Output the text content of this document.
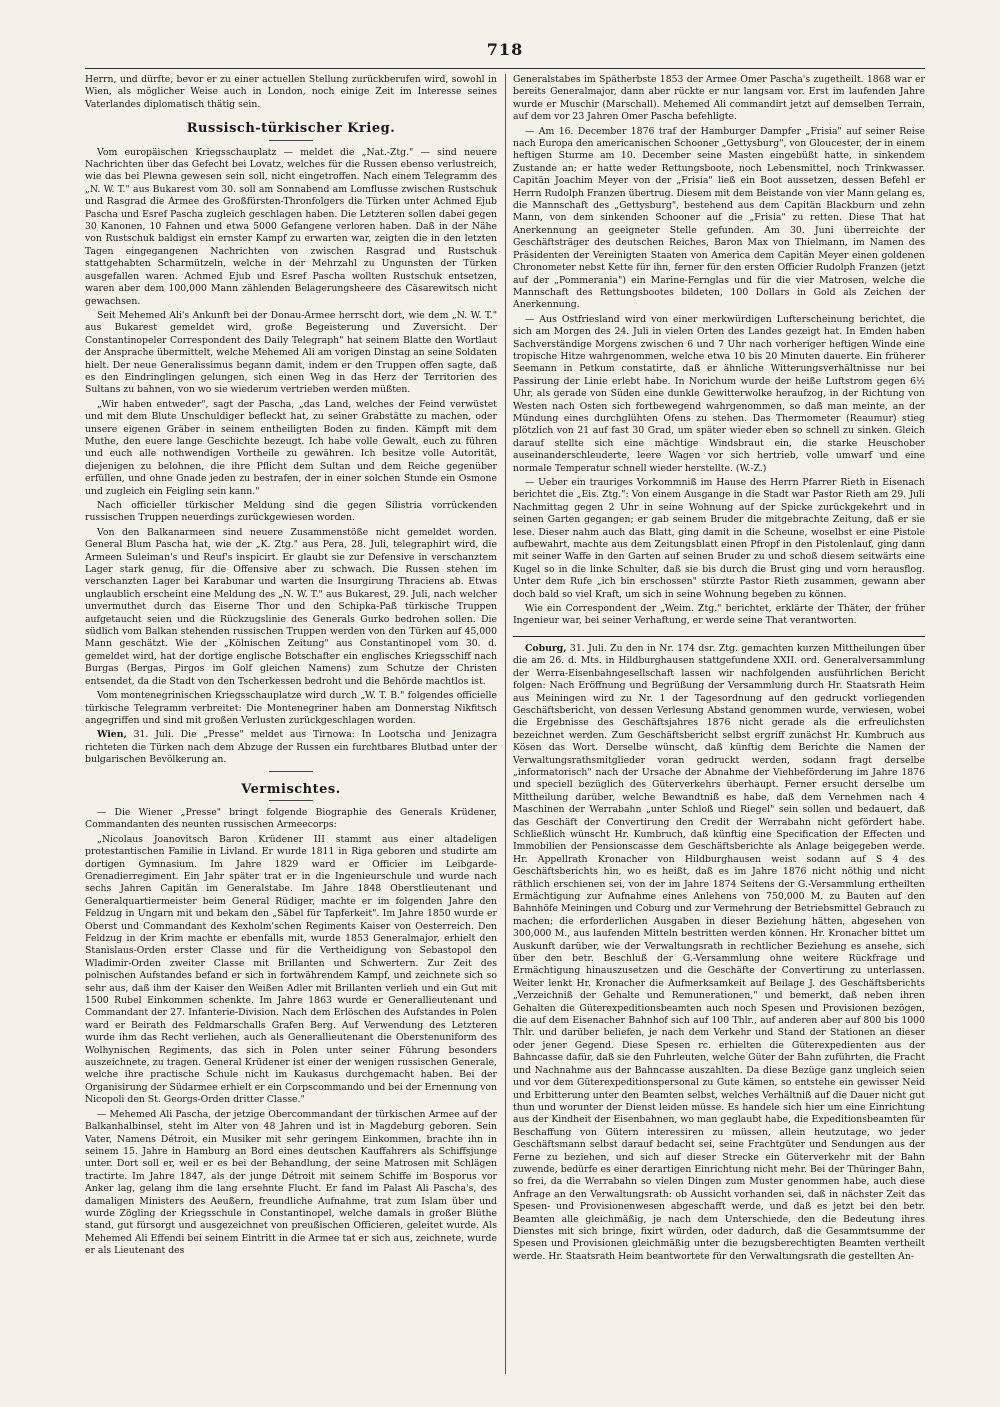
718

Herrn, und dürfte, bevor er zu einer actuellen Stellung zurückberufen wird, sowohl in Wien, als möglicher Weise auch in London, noch einige Zeit im Interesse seines Vaterlandes diplomatisch thätig sein.

Russisch-türkischer Krieg.

Vom europäischen Kriegsschauplatz — meldet die „Nat.-Ztg." — sind neuere Nachrichten über das Gefecht bei Lovatz, welches für die Russen ebenso verlustreich, wie das bei Plewna gewesen sein soll, nicht eingetroffen. Nach einem Telegramm des „N. W. T." aus Bukarest vom 30. soll am Sonnabend am Lomflusse zwischen Rustschuk und Rasgrad die Armee des Großfürsten-Thronfolgers die Türken unter Achmed Ejub Pascha und Esref Pascha zugleich geschlagen haben. Die Letzteren sollen dabei gegen 30 Kanonen, 10 Fahnen und etwa 5000 Gefangene verloren haben. Daß in der Nähe von Rustschuk baldigst ein ernster Kampf zu erwarten war, zeigten die in den letzten Tagen eingegangenen Nachrichten von zwischen Rasgrad und Rustschuk stattgehabten Scharmützeln, welche in der Mehrzahl zu Ungunsten der Türken ausgefallen waren. Achmed Ejub und Esref Pascha wollten Rustschuk entsetzen, waren aber dem 100,000 Mann zählenden Belagerungsheere des Cäsarewitsch nicht gewachsen.

Seit Mehemed Ali's Ankunft bei der Donau-Armee herrscht dort, wie dem „N. W. T." aus Bukarest gemeldet wird, große Begeisterung und Zuversicht. Der Constantinopeler Correspondent des Daily Telegraph" hat seinem Blatte den Wortlaut der Ansprache übermittelt, welche Mehemed Ali am vorigen Dinstag an seine Soldaten hielt. Der neue Generalissimus begann damit, indem er den Truppen offen sagte, daß es den Eindringlingen gelungen, sich einen Weg in das Herz der Territorien des Sultans zu bahnen, von wo sie wiederum vertrieben werden müßten.

„Wir haben entweder", sagt der Pascha, „das Land, welches der Feind verwüstet und mit dem Blute Unschuldiger befleckt hat, zu seiner Grabstätte zu machen, oder unsere eigenen Gräber in seinem entheiligten Boden zu finden. Kämpft mit dem Muthe, den euere lange Geschichte bezeugt. Ich habe volle Gewalt, euch zu führen und euch alle nothwendigen Vortheile zu gewähren. Ich besitze volle Autorität, diejenigen zu belohnen, die ihre Pflicht dem Sultan und dem Reiche gegenüber erfüllen, und ohne Gnade jeden zu bestrafen, der in einer solchen Stunde ein Osmone und zugleich ein Feigling sein kann."

Nach officieller türkischer Meldung sind die gegen Silistria vorrückenden russischen Truppen neuerdings zurückgewiesen worden.

Von den Balkanarmeen sind neuere Zusammenstöße nicht gemeldet worden. General Blum Pascha hat, wie der „K. Ztg." aus Pera, 28. Juli, telegraphirt wird, die Armeen Suleiman's und Reuf's inspicirt. Er glaubt sie zur Defensive in verschanztem Lager stark genug, für die Offensive aber zu schwach. Die Russen stehen im verschanzten Lager bei Karabunar und warten die Insurgirung Thraciens ab. Etwas unglaublich erscheint eine Meldung des „N. W. T." aus Bukarest, 29. Juli, nach welcher unvermuthet durch das Eiserne Thor und den Schipka-Paß türkische Truppen aufgetaucht seien und die Rückzugslinie des Generals Gurko bedrohen sollen. Die südlich vom Balkan stehenden russischen Truppen werden von den Türken auf 45,000 Mann geschätzt. Wie der „Kölnischen Zeitung" aus Constantinopel vom 30. d. gemeldet wird, hat der dortige englische Botschafter ein englisches Kriegsschiff nach Burgas (Bergas, Pirgos im Golf gleichen Namens) zum Schutze der Christen entsendet, da die Stadt von den Tscherkessen bedroht und die Behörde machtlos ist.

Vom montenegrinischen Kriegsschauplatze wird durch „W. T. B." folgendes officielle türkische Telegramm verbreitet: Die Montenegriner haben am Donnerstag Nikfitsch angegriffen und sind mit großen Verlusten zurückgeschlagen worden.

Wien, 31. Juli. Die „Presse" meldet aus Tirnowa: In Lootscha und Jenizagra richteten die Türken nach dem Abzuge der Russen ein furchtbares Blutbad unter der bulgarischen Bevölkerung an.

Vermischtes.

— Die Wiener „Presse" bringt folgende Biographie des Generals Krüdener, Commandanten des neunten russischen Armeecorps:

„Nicolaus Joanovitsch Baron Krüdener III stammt aus einer altadeligen protestantischen Familie in Livland. Er wurde 1811 in Riga geboren und studirte am dortigen Gymnasium. Im Jahre 1829 ward er Officier im Leibgarde-Grenadierregiment. Ein Jahr später trat er in die Ingenieurschule und wurde nach sechs Jahren Capitän im Generalstabe. Im Jahre 1848 Oberstlieutenant und Generalquartiermeister beim General Rüdiger, machte er im folgenden Jahre den Feldzug in Ungarn mit und bekam den „Säbel für Tapferkeit". Im Jahre 1850 wurde er Oberst und Commandant des Kexholm'schen Regiments Kaiser von Oesterreich. Den Feldzug in der Krim machte er ebenfalls mit, wurde 1853 Generalmajor, erhielt den Stanislaus-Orden erster Classe und für die Vertheidigung von Sebastopol den Wladimir-Orden zweiter Classe mit Brillanten und Schwertern. Zur Zeit des polnischen Aufstandes befand er sich in fortwährendem Kampf, und zeichnete sich so sehr aus, daß ihm der Kaiser den Weißen Adler mit Brillanten verlieh und ein Gut mit 1500 Rubel Einkommen schenkte. Im Jahre 1863 wurde er Generallieutenant und Commandant der 27. Infanterie-Division. Nach dem Erlöschen des Aufstandes in Polen ward er Beirath des Feldmarschalls Grafen Berg. Auf Verwendung des Letzteren wurde ihm das Recht verliehen, auch als Generallieutenant die Oberstenuniform des Wolhynischen Regiments, das sich in Polen unter seiner Führung besonders auszeichnete, zu tragen. General Krüdener ist einer der wenigen russischen Generale, welche ihre practische Schule nicht im Kaukasus durchgemacht haben. Bei der Organisirung der Südarmee erhielt er ein Corpscommando und bei der Ernennung von Nicopoli den St. Georgs-Orden dritter Classe."

— Mehemed Ali Pascha, der jetzige Obercommandant der türkischen Armee auf der Balkanhalbinsel, steht im Alter von 48 Jahren und ist in Magdeburg geboren. Sein Vater, Namens Détroit, ein Musiker mit sehr geringem Einkommen, brachte ihn in seinem 15. Jahre in Hamburg an Bord eines deutschen Kauffahrers als Schiffsjunge unter. Dort soll er, weil er es bei der Behandlung, der seine Matrosen mit Schlägen tractirte. Im Jahre 1847, als der junge Détroit mit seinem Schiffe im Bosporus vor Anker lag, gelang ihm die lang ersehnte Flucht. Er fand im Palast Ali Pascha's, des damaligen Ministers des Aeußern, freundliche Aufnahme, trat zum Islam über und wurde Zögling der Kriegsschule in Constantinopel, welche damals in großer Blüthe stand, gut fürsorgt und ausgezeichnet von preußischen Officieren, geleitet wurde. Als Mehemed Ali Effendi bei seinem Eintritt in die Armee tat er sich aus, zeichnete, wurde er als Lieutenant des

Generalstabes im Spätherbste 1853 der Armee Omer Pascha's zugetheilt. 1868 war er bereits Generalmajor, dann aber rückte er nur langsam vor. Erst im laufenden Jahre wurde er Muschir (Marschall). Mehemed Ali commandirt jetzt auf demselben Terrain, auf dem vor 23 Jahren Omer Pascha befehligte.

— Am 16. December 1876 traf der Hamburger Dampfer „Frisia" auf seiner Reise nach Europa den americanischen Schooner „Gettysburg", von Gloucester, der in einem heftigen Sturme am 10. December seine Masten eingebüßt hatte, in sinkendem Zustande an; er hatte weder Rettungsboote, noch Lebensmittel, noch Trinkwasser. Capitän Joachim Meyer von der „Frisia" ließ ein Boot aussetzen, dessen Befehl er Herrn Rudolph Franzen übertrug. Diesem mit dem Beistande von vier Mann gelang es, die Mannschaft des „Gettysburg", bestehend aus dem Capitän Blackburn und zehn Mann, von dem sinkenden Schooner auf die „Frisia" zu retten. Diese That hat Anerkennung an geeigneter Stelle gefunden. Am 30. Juni überreichte der Geschäftsträger des deutschen Reiches, Baron Max von Thielmann, im Namen des Präsidenten der Vereinigten Staaten von America dem Capitän Meyer einen goldenen Chronometer nebst Kette für ihn, ferner für den ersten Officier Rudolph Franzen (jetzt auf der „Pommerania") ein Marine-Fernglas und für die vier Matrosen, welche die Mannschaft des Rettungsbootes bildeten, 100 Dollars in Gold als Zeichen der Anerkennung.

— Aus Ostfriesland wird von einer merkwürdigen Lufterscheinung berichtet, die sich am Morgen des 24. Juli in vielen Orten des Landes gezeigt hat. In Emden haben Sachverständige Morgens zwischen 6 und 7 Uhr nach vorheriger heftigen Winde eine tropische Hitze wahrgenommen, welche etwa 10 bis 20 Minuten dauerte. Ein früherer Seemann in Petkum constatirte, daß er ähnliche Witterungsverhältnisse nur bei Passirung der Linie erlebt habe. In Norichum wurde der heiße Luftstrom gegen 6½ Uhr, als gerade von Süden eine dunkle Gewitterwolke heraufzog, in der Richtung von Westen nach Osten sich fortbewegend wahrgenommen, so daß man meinte, an der Mündung eines durchglühten Ofens zu stehen. Das Thermometer (Reaumur) stieg plötzlich von 21 auf fast 30 Grad, um später wieder eben so schnell zu sinken. Gleich darauf stellte sich eine mächtige Windsbraut ein, die starke Heuschober auseinanderschleuderte, leere Wagen vor sich hertrieb, volle umwarf und eine normale Temperatur schnell wieder herstellte. (W.-Z.)

— Ueber ein trauriges Vorkommniß im Hause des Herrn Pfarrer Rieth in Eisenach berichtet die „Eis. Ztg.": Von einem Ausgange in die Stadt war Pastor Rieth am 29. Juli Nachmittag gegen 2 Uhr in seine Wohnung auf der Spicke zurückgekehrt und in seinen Garten gegangen; er gab seinem Bruder die mitgebrachte Zeitung, daß er sie lese. Dieser nahm auch das Blatt, ging damit in die Scheune, woselbst er eine Pistole aufbewahrt, machte aus dem Zeitungsblatt einen Pfropf in den Pistolenlauf, ging dann mit seiner Waffe in den Garten auf seinen Bruder zu und schoß diesem seitwärts eine Kugel so in die linke Schulter, daß sie bis durch die Brust ging und vorn herausflog. Unter dem Rufe „ich bin erschossen" stürzte Pastor Rieth zusammen, gewann aber doch bald so viel Kraft, um sich in seine Wohnung begeben zu können.

Wie ein Correspondent der „Weim. Ztg." berichtet, erklärte der Thäter, der früher Ingenieur war, bei seiner Verhaftung, er werde seine That verantworten.

Coburg, 31. Juli. Zu den in Nr. 174 dsr. Ztg. gemachten kurzen Mittheilungen über die am 26. d. Mts. in Hildburghausen stattgefundene XXII. ord. Generalversammlung der Werra-Eisenbahngesellschaft lassen wir nachfolgenden ausführlichen Bericht folgen: Nach Eröffnung und Begrüßung der Versammlung durch Hr. Staatsrath Heim aus Meiningen wird zu Nr. 1 der Tagesordnung auf den gedruckt vorliegenden Geschäftsbericht, von dessen Verlesung Abstand genommen wurde, verwiesen, wobei die Ergebnisse des Geschäftsjahres 1876 nicht gerade als die erfreulichsten bezeichnet werden. Zum Geschäftsbericht selbst ergriff zunächst Hr. Kumbruch aus Kösen das Wort. Derselbe wünscht, daß künftig dem Berichte die Namen der Verwaltungsrathsmitglieder voran gedruckt werden, sodann fragt derselbe „informatorisch" nach der Ursache der Abnahme der Viehbeförderung im Jahre 1876 und speciell bezüglich des Güterverkehrs überhaupt. Ferner ersucht derselbe um Mittheilung darüber, welche Bewandtniß es habe, daß dem Vernehmen nach 4 Maschinen der Werrabahn „unter Schloß und Riegel" sein sollen und bedauert, daß das Geschäft der Convertirung den Credit der Werrabahn nicht gefördert habe. Schließlich wünscht Hr. Kumbruch, daß künftig eine Specification der Effecten und Immobilien der Pensionscasse dem Geschäftsberichte als Anlage beigegeben werde. Hr. Appellrath Kronacher von Hildburghausen weist sodann auf S 4 des Geschäftsberichts hin, wo es heißt, daß es im Jahre 1876 nicht nöthig und nicht räthlich erschienen sei, von der im Jahre 1874 Seitens der G.-Versammlung ertheilten Ermächtigung zur Aufnahme eines Anlehens von 750,000 M. zu Bauten auf den Bahnhöfe Meiningen und Coburg und zur Vermehrung der Betriebsmittel Gebrauch zu machen; die erforderlichen Ausgaben in dieser Beziehung hätten, abgesehen von 300,000 M., aus laufenden Mitteln bestritten werden können. Hr. Kronacher bittet um Auskunft darüber, wie der Verwaltungsrath in rechtlicher Beziehung es ansehe, sich über den betr. Beschluß der G.-Versammlung ohne weitere Rückfrage und Ermächtigung hinauszusetzen und die Geschäfte der Convertirung zu unterlassen. Weiter lenkt Hr. Kronacher die Aufmerksamkeit auf Beilage J. des Geschäftsberichts „Verzeichniß der Gehalte und Remunerationen," und bemerkt, daß neben ihren Gehalten die Güterexpeditionsbeamten auch noch Spesen und Provisionen bezögen, die auf dem Eisenacher Bahnhof sich auf 100 Thlr., auf anderen aber auf 800 bis 1000 Thlr. und darüber beliefen, je nach dem Verkehr und Stand der Stationen an dieser oder jener Gegend. Diese Spesen rc. erhielten die Güterexpedienten aus der Bahncasse dafür, daß sie den Fuhrleuten, welche Güter der Bahn zuführten, die Fracht und Nachnahme aus der Bahncasse auszahlten. Da diese Bezüge ganz ungleich seien und vor dem Güterexpeditionspersonal zu Gute kämen, so entstehe ein gewisser Neid und Erbitterung unter den Beamten selbst, welches Verhältniß auf die Dauer nicht gut thun und worunter der Dienst leiden müsse. Es handele sich hier um eine Einrichtung aus der Kindheit der Eisenbahnen, wo man geglaubt habe, die Expeditionsbeamten für Beschaffung von Gütern interessiren zu müssen, allein heutzutage, wo jeder Geschäftsmann selbst darauf bedacht sei, seine Frachtgüter und Sendungen aus der Ferne zu beziehen, und sich auf dieser Strecke ein Güterverkehr mit der Bahn zuwende, bedürfe es einer derartigen Einrichtung nicht mehr. Bei der Thüringer Bahn, so frei, da die Werrabahn so vielen Dingen zum Muster genommen habe, auch diese Anfrage an den Verwaltungsrath: ob Aussicht vorhanden sei, daß in nächster Zeit das Spesen- und Provisionenwesen abgeschafft werde, und daß es jetzt bei den betr. Beamten alle gleichmäßig, je nach dem Unterschiede, den die Bedeutung ihres Dienstes mit sich bringe, fixirt würden, oder dadurch, daß die Gesammtsumme der Spesen und Provisionen gleichmäßig unter die bezugsberechtigten Beamten vertheilt werde. Hr. Staatsrath Heim beantwortete für den Verwaltungsrath die gestellten An-
